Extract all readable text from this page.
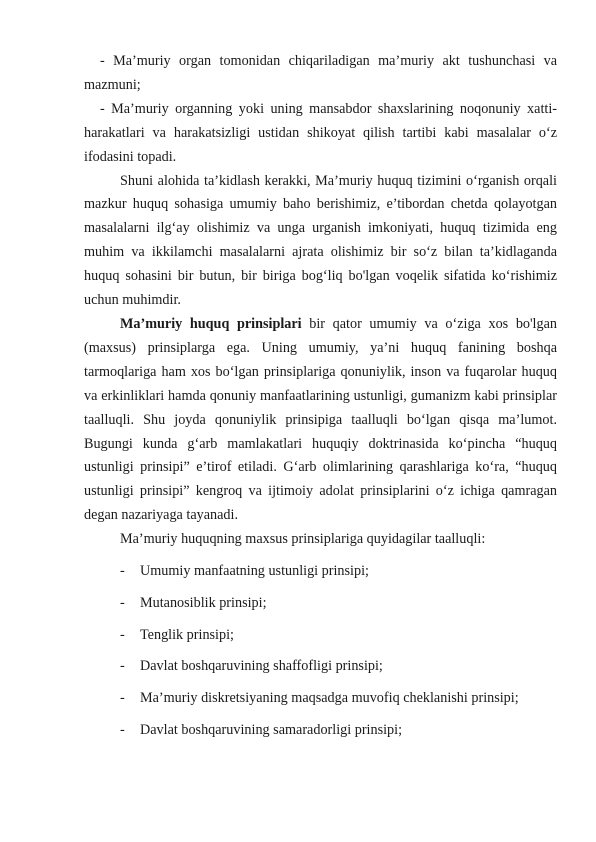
- Ma’muriy organ tomonidan chiqariladigan ma’muriy akt tushunchasi va mazmuni;

- Ma’muriy organning yoki uning mansabdor shaxslarining noqonuniy xatti-harakatlari va harakatsizligi ustidan shikoyat qilish tartibi kabi masalalar o‘z ifodasini topadi.

Shuni alohida ta’kidlash kerakki, Ma’muriy huquq tizimini o‘rganish orqali mazkur huquq sohasiga umumiy baho berishimiz, e’tibordan chetda qolayotgan masalalarni ilg‘ay olishimiz va unga urganish imkoniyati, huquq tizimida eng muhim va ikkilamchi masalalarni ajrata olishimiz bir so‘z bilan ta’kidlaganda huquq sohasini bir butun, bir biriga bog‘liq bo'lgan voqelik sifatida ko‘rishimiz uchun muhimdir.

Ma’muriy huquq prinsiplari bir qator umumiy va o‘ziga xos bo'lgan (maxsus) prinsiplarga ega. Uning umumiy, ya’ni huquq fanining boshqa tarmoqlariga ham xos bo‘lgan prinsiplariga qonuniylik, inson va fuqarolar huquq va erkinliklari hamda qonuniy manfaatlarining ustunligi, gumanizm kabi prinsiplar taalluqli. Shu joyda qonuniylik prinsipiga taalluqli bo‘lgan qisqa ma’lumot. Bugungi kunda g‘arb mamlakatlari huquqiy doktrinasida ko‘pincha “huquq ustunligi prinsipi” e’tirof etiladi. G‘arb olimlarining qarashlariga ko‘ra, “huquq ustunligi prinsipi” kengroq va ijtimoiy adolat prinsiplarini o‘z ichiga qamragan degan nazariyaga tayanadi.

Ma’muriy huquqning maxsus prinsiplariga quyidagilar taalluqli:

- Umumiy manfaatning ustunligi prinsipi;
- Mutanosiblik prinsipi;
- Tenglik prinsipi;
- Davlat boshqaruvining shaffofligi prinsipi;
- Ma’muriy diskretsiyaning maqsadga muvofiq cheklanishi prinsipi;
- Davlat boshqaruvining samaradorligi prinsipi;
